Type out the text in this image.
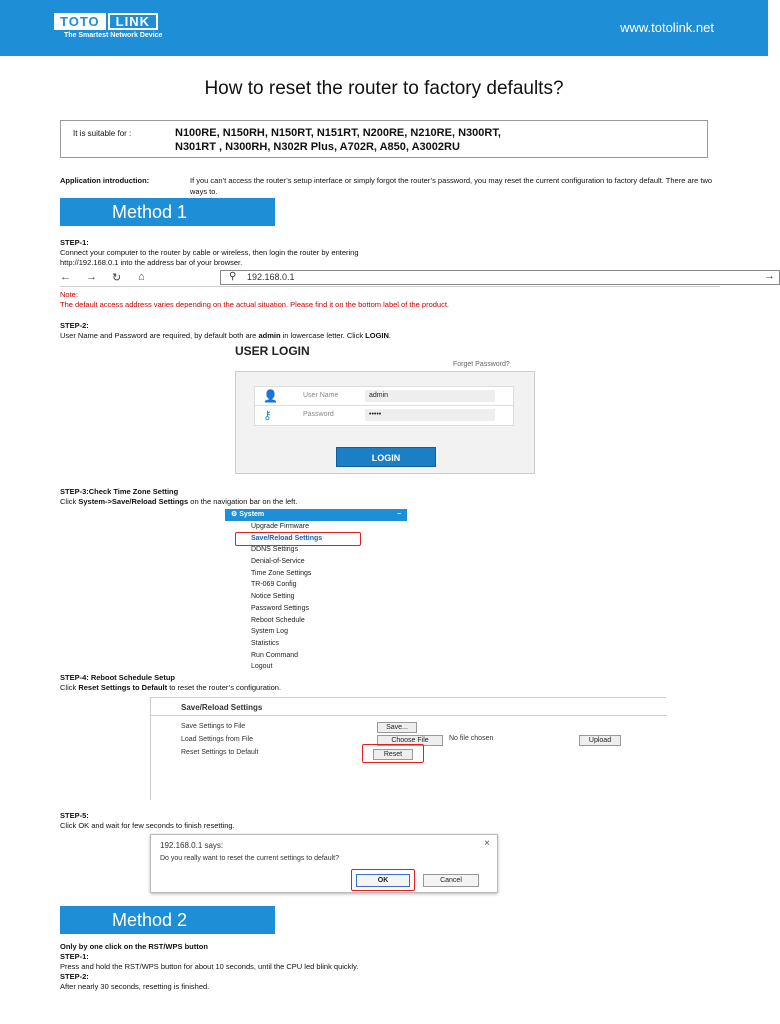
TOTO	LINK
The Smartest Network Device
www.totolink.net
How to reset the router to factory defaults?
It is suitable for :	N100RE, N150RH, N150RT, N151RT, N200RE, N210RE, N300RT,
N301RT , N300RH, N302R Plus, A702R, A850, A3002RU
Application introduction:	If you can’t access the router’s setup interface or simply forgot the router’s password, you may reset the current configuration to factory default. There are two ways to.
Method 1
STEP-1:
Connect your computer to the router by cable or wireless, then login the router by entering
http://192.168.0.1 into the address bar of your browser.
← → ↻ ⌂	⚲ 192.168.0.1	→
Note:
The default access address varies depending on the actual situation. Please find it on the bottom label of the product.
STEP-2:
User Name and Password are required, by default both are admin in lowercase letter. Click LOGIN.
USER LOGIN
Forget Password?
👤	User Name	admin
⚷	Password	•••••
LOGIN
STEP-3:Check Time Zone Setting
Click System->Save/Reload Settings on the navigation bar on the left.
⚙ System	−
Upgrade Firmware
Save/Reload Settings
DDNS Settings
Denial-of-Service
Time Zone Settings
TR-069 Config
Notice Setting
Password Settings
Reboot Schedule
System Log
Statistics
Run Command
Logout
STEP-4: Reboot Schedule Setup
Click Reset Settings to Default to reset the router’s configuration.
Save/Reload Settings
Save Settings to File	Save...
Load Settings from File	Choose File	No file chosen	Upload
Reset Settings to Default	Reset
STEP-5:
Click OK and wait for few seconds to finish resetting.
192.168.0.1 says:	×
Do you really want to reset the current settings to default?
OK	Cancel
Method 2
Only by one click on the RST/WPS button
STEP-1:
Press and hold the RST/WPS button for about 10 seconds, until the CPU led blink quickly.
STEP-2:
After nearly 30 seconds, resetting is finished.
